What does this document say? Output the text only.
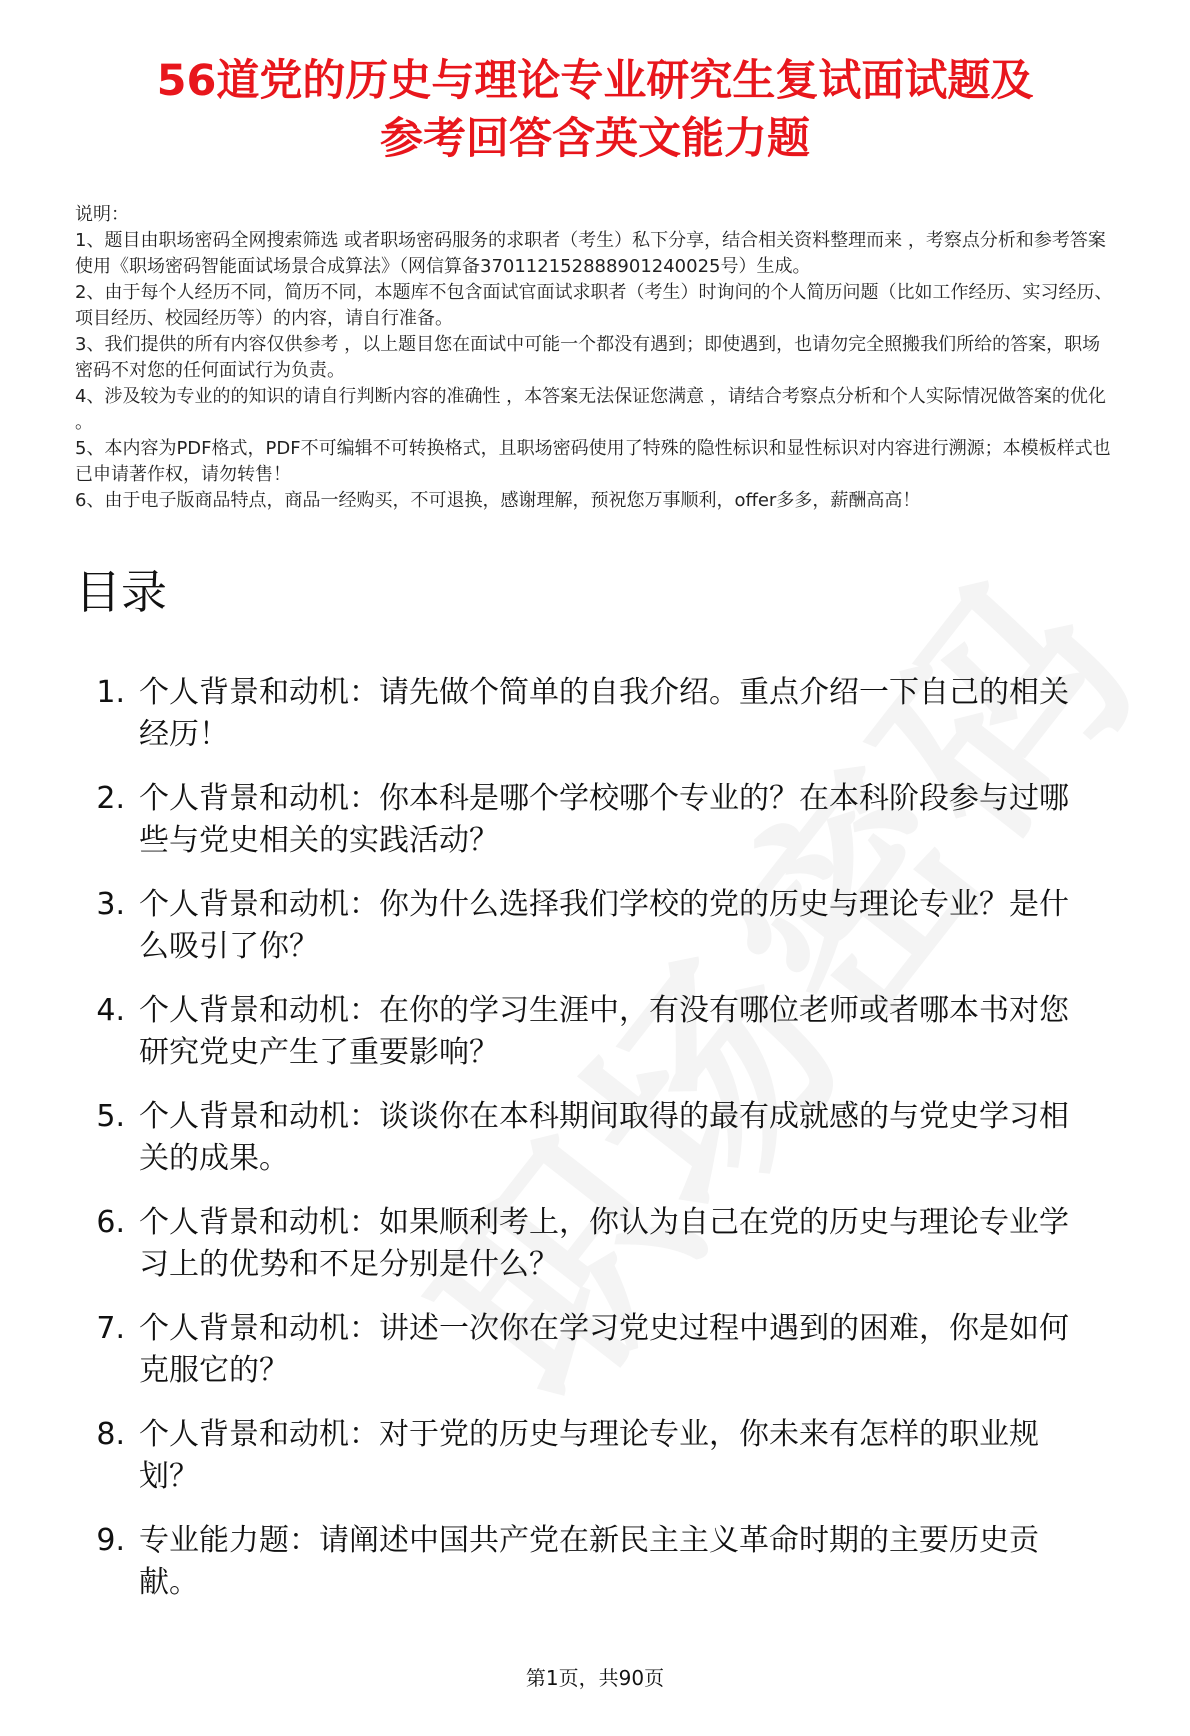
56道党的历史与理论专业研究生复试面试题及
参考回答含英文能力题
说明：
1、题目由职场密码全网搜索筛选 或者职场密码服务的求职者（考生）私下分享，结合相关资料整理而来 ，考察点分析和参考答案使用《职场密码智能面试场景合成算法》（网信算备370112152888901240025号）生成。
2、由于每个人经历不同，简历不同，本题库不包含面试官面试求职者（考生）时询问的个人简历问题（比如工作经历、实习经历、项目经历、校园经历等）的内容，请自行准备。
3、我们提供的所有内容仅供参考 ，以上题目您在面试中可能一个都没有遇到；即使遇到，也请勿完全照搬我们所给的答案，职场密码不对您的任何面试行为负责。
4、涉及较为专业的的知识的请自行判断内容的准确性 ，本答案无法保证您满意 ，请结合考察点分析和个人实际情况做答案的优化 。
5、本内容为PDF格式，PDF不可编辑不可转换格式，且职场密码使用了特殊的隐性标识和显性标识对内容进行溯源；本模板样式也已申请著作权，请勿转售！
6、由于电子版商品特点，商品一经购买，不可退换，感谢理解，预祝您万事顺利，offer多多，薪酬高高！
目录
1. 个人背景和动机：请先做个简单的自我介绍。重点介绍一下自己的相关经历！
2. 个人背景和动机：你本科是哪个学校哪个专业的？在本科阶段参与过哪些与党史相关的实践活动？
3. 个人背景和动机：你为什么选择我们学校的党的历史与理论专业？是什么吸引了你？
4. 个人背景和动机：在你的学习生涯中，有没有哪位老师或者哪本书对您研究党史产生了重要影响？
5. 个人背景和动机：谈谈你在本科期间取得的最有成就感的与党史学习相关的成果。
6. 个人背景和动机：如果顺利考上，你认为自己在党的历史与理论专业学习上的优势和不足分别是什么？
7. 个人背景和动机：讲述一次你在学习党史过程中遇到的困难，你是如何克服它的？
8. 个人背景和动机：对于党的历史与理论专业，你未来有怎样的职业规划？
9. 专业能力题：请阐述中国共产党在新民主主义革命时期的主要历史贡献。
第1页，共90页
